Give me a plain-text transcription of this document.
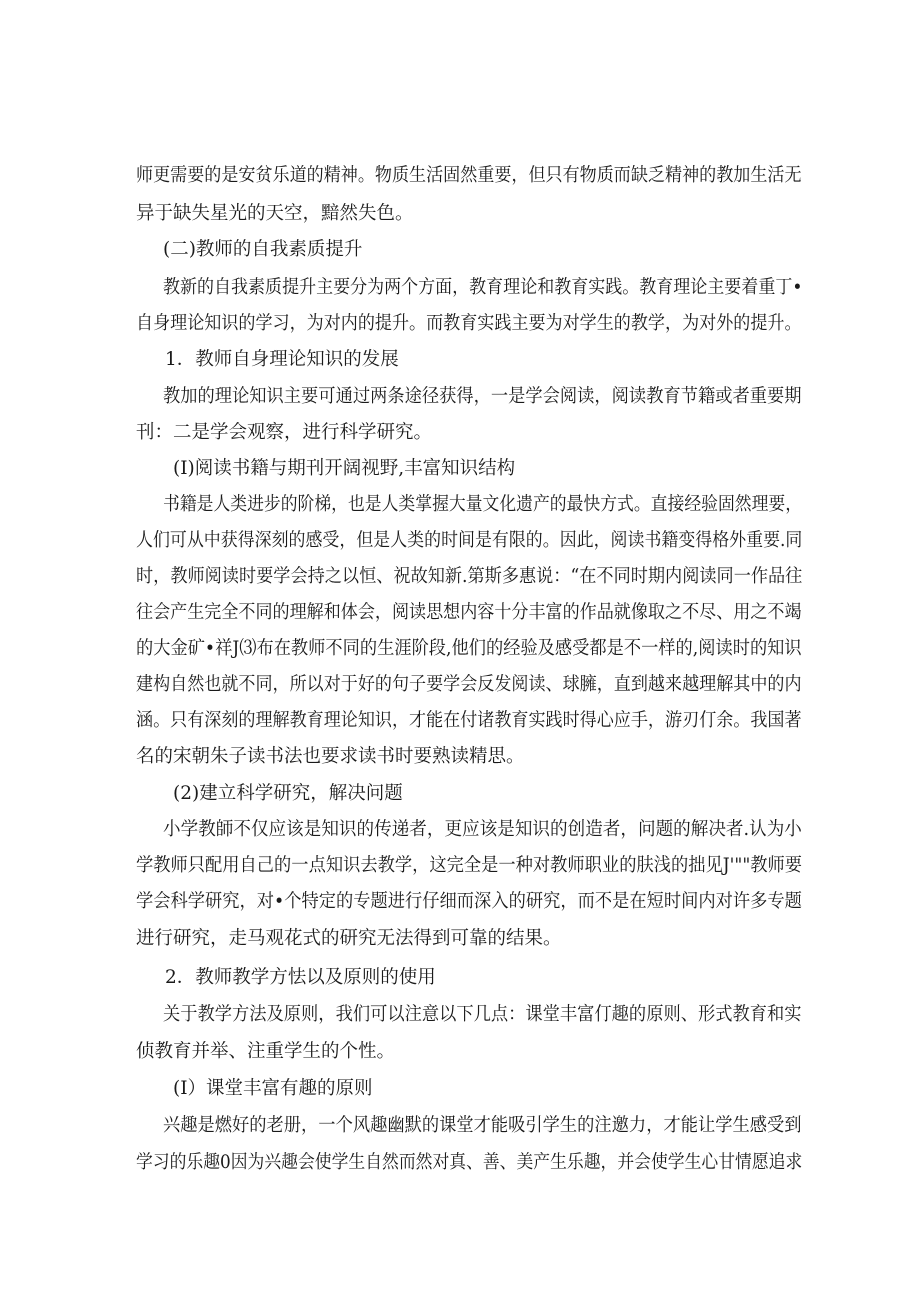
师更需要的是安贫乐道的精神。物质生活固然重要，但只有物质而缺乏精神的教加生活无
异于缺失星光的天空，黯然失色。
(二)教师的自我素质提升
教新的自我素质提升主要分为两个方面，教育理论和教育实践。教育理论主要着重丁•
自身理论知识的学习，为对内的提升。而教育实践主要为对学生的教学，为对外的提升。
1．教师自身理论知识的发展
教加的理论知识主要可通过两条途径获得，一是学会阅读，阅读教育节籍或者重要期
刊：二是学会观察，进行科学研究。
(I)阅读书籍与期刊开阔视野,丰富知识结构
书籍是人类进步的阶梯，也是人类掌握大量文化遗产的最快方式。直接经验固然理要，
人们可从中获得深刻的感受，但是人类的时间是有限的。因此，阅读书籍变得格外重要.同
时，教师阅读时要学会持之以恒、祝故知新.第斯多惠说：“在不同时期内阅读同一作品往
往会产生完全不同的理解和体会，阅读思想内容十分丰富的作品就像取之不尽、用之不竭
的大金矿•祥J⑶布在教师不同的生涯阶段,他们的经验及感受都是不一样的,阅读时的知识
建构自然也就不同，所以对于好的句子要学会反发阅读、球臃，直到越来越理解其中的内
涵。只有深刻的理解教育理论知识，才能在付诸教育实践时得心应手，游刃仃余。我国著
名的宋朝朱子读书法也要求读书时要熟读精思。
(2)建立科学研究，解决问题
小学教師不仅应该是知识的传递者，更应该是知识的创造者，问题的解决者.认为小
学教师只配用自己的一点知识去教学，这完全是一种对教师职业的肤浅的拙见J'""教师要
学会科学研究，对•个特定的专题进行仔细而深入的研究，而不是在短时间内对许多专题
进行研究，走马观花式的研究无法得到可靠的结果。
2．教师教学方怯以及原则的使用
关于教学方法及原则，我们可以注意以下几点：课堂丰富仃趣的原则、形式教育和实
侦教育并举、注重学生的个性。
(I）课堂丰富有趣的原则
兴趣是燃好的老册，一个风趣幽默的课堂才能吸引学生的注邀力，才能让学生感受到
学习的乐趣0因为兴趣会使学生自然而然对真、善、美产生乐趣，并会使学生心甘情愿追求
